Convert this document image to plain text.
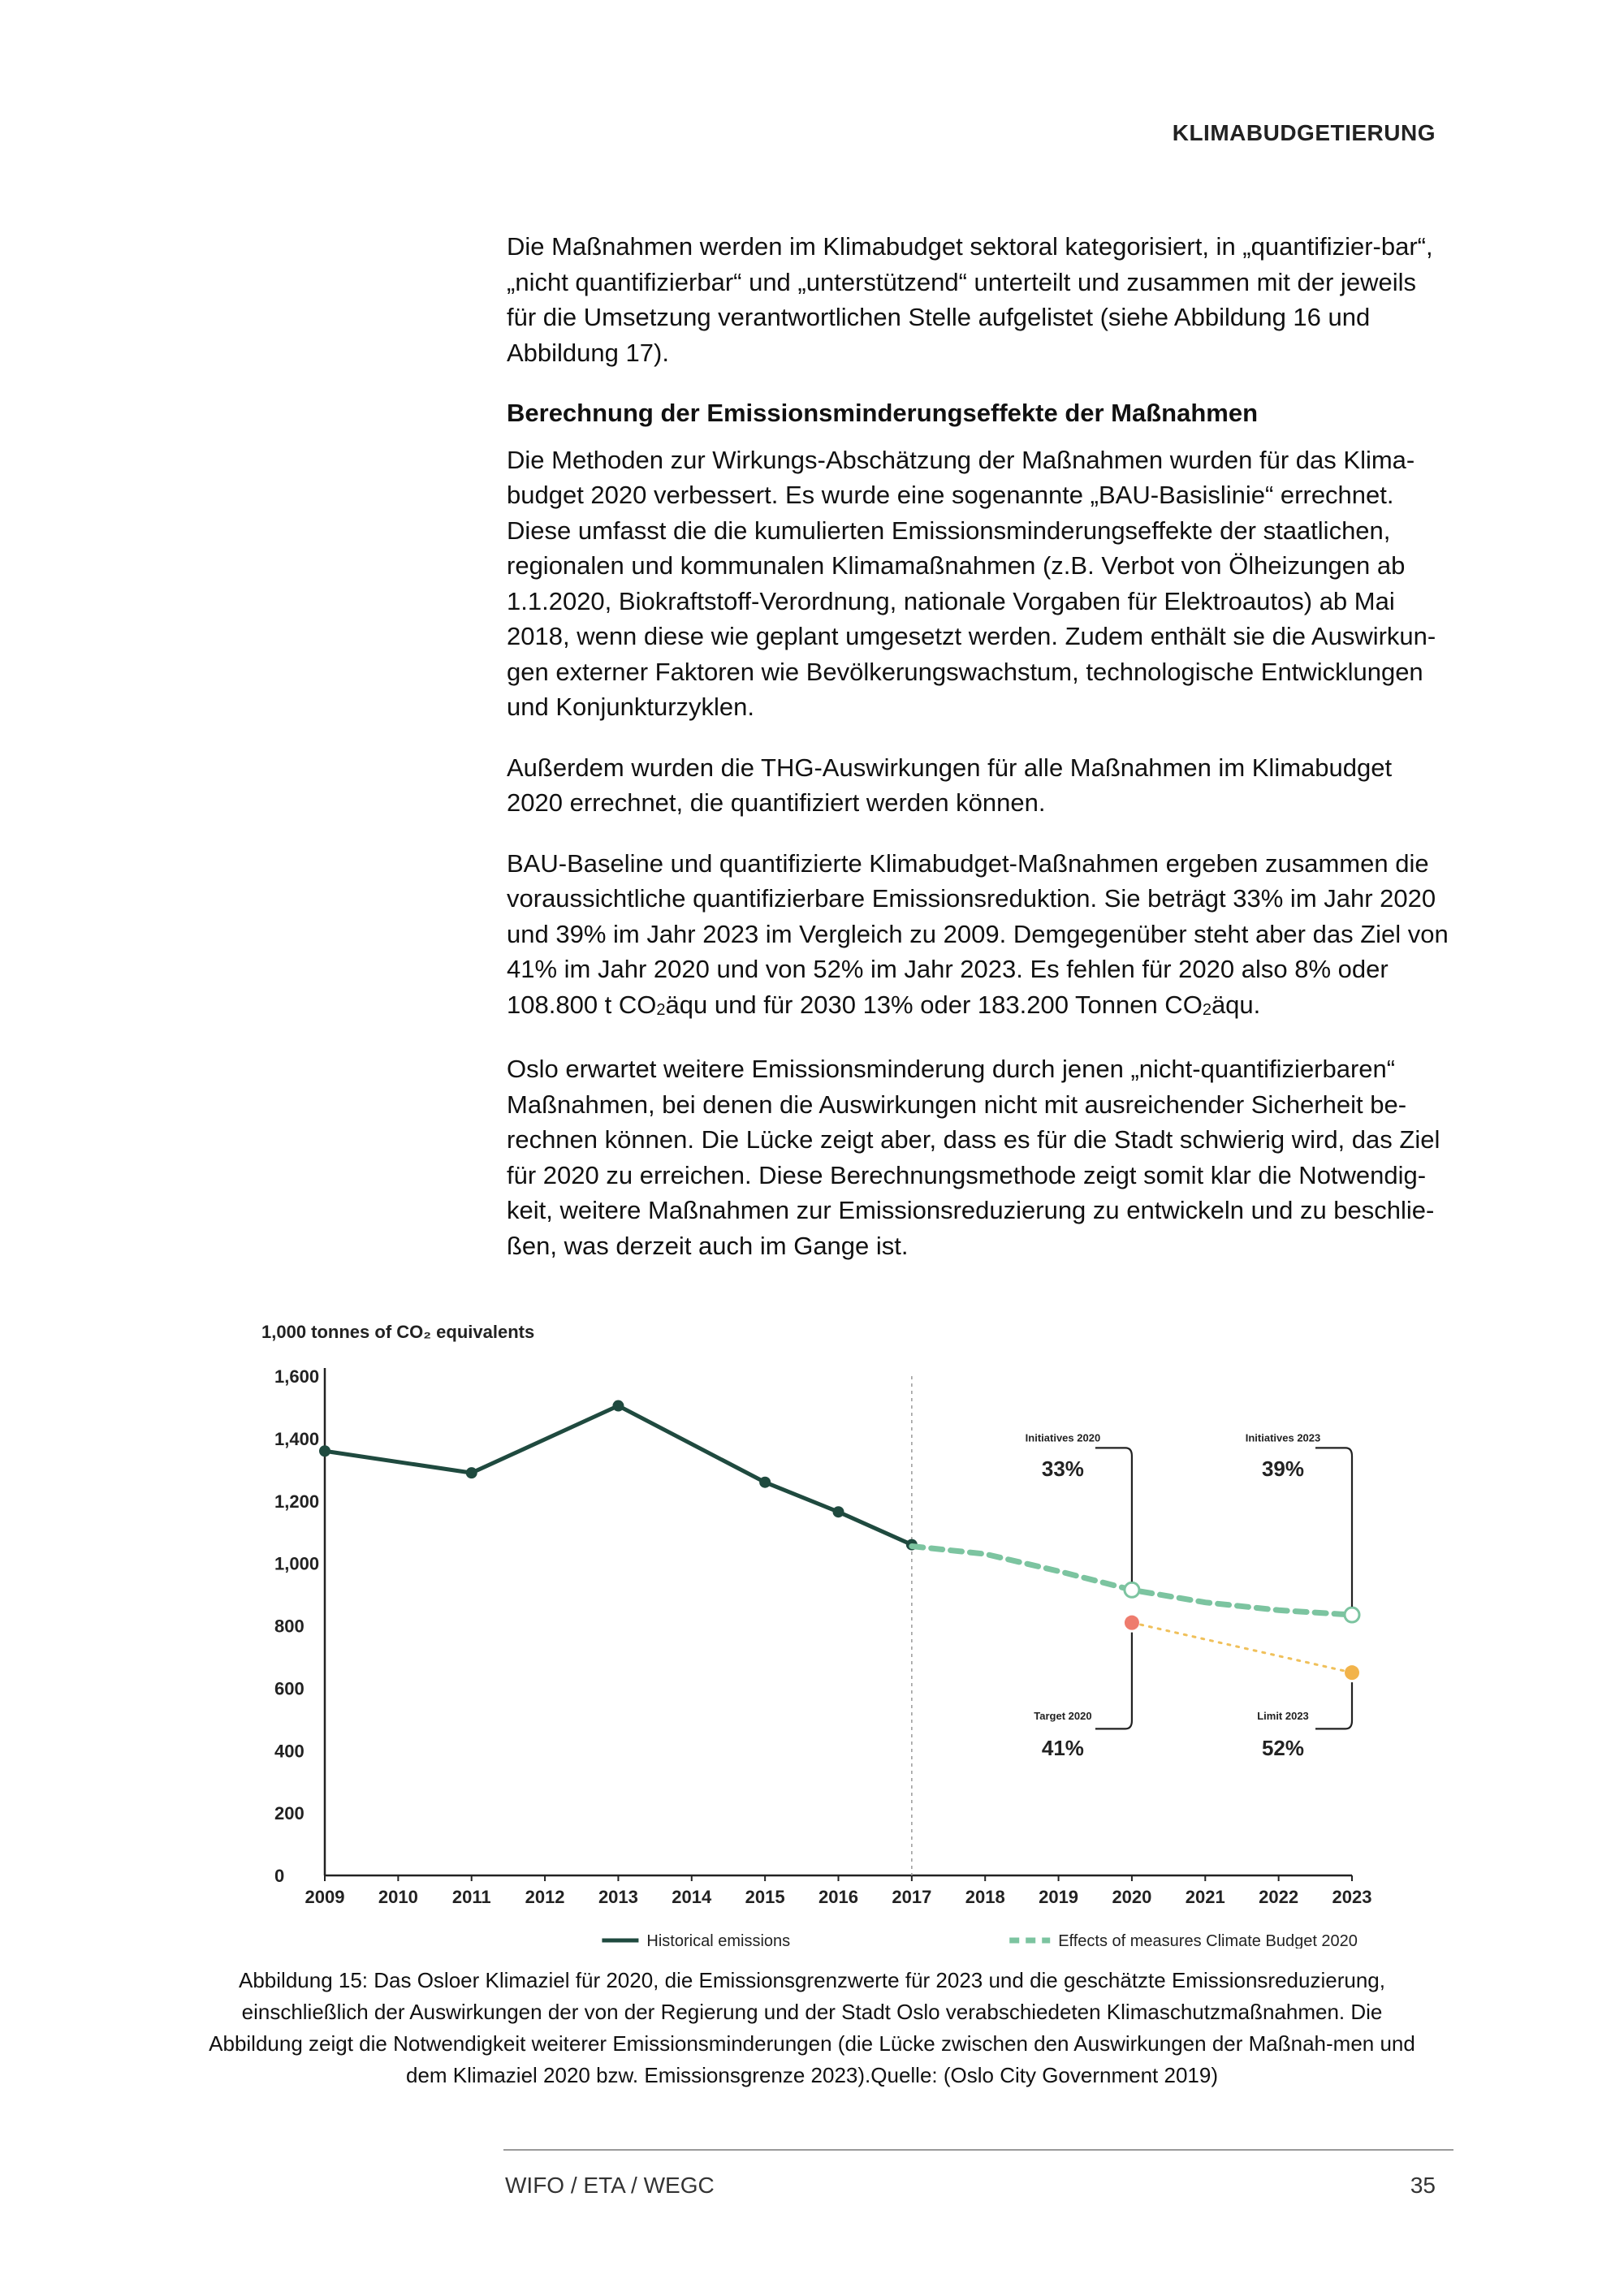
KLIMABUDGETIERUNG

Die Maßnahmen werden im Klimabudget sektoral kategorisiert, in „quantifizier-bar“, „nicht quantifizierbar“ und „unterstützend“ unterteilt und zusammen mit der jeweils für die Umsetzung verantwortlichen Stelle aufgelistet (siehe Abbildung 16 und Abbildung 17).

Berechnung der Emissionsminderungseffekte der Maßnahmen

Die Methoden zur Wirkungs-Abschätzung der Maßnahmen wurden für das Klima-budget 2020 verbessert. Es wurde eine sogenannte „BAU-Basislinie“ errechnet. Diese umfasst die die kumulierten Emissionsminderungseffekte der staatlichen, regionalen und kommunalen Klimamaßnahmen (z.B. Verbot von Ölheizungen ab 1.1.2020, Biokraftstoff-Verordnung, nationale Vorgaben für Elektroautos) ab Mai 2018, wenn diese wie geplant umgesetzt werden. Zudem enthält sie die Auswirkun-gen externer Faktoren wie Bevölkerungswachstum, technologische Entwicklungen und Konjunkturzyklen.

Außerdem wurden die THG-Auswirkungen für alle Maßnahmen im Klimabudget 2020 errechnet, die quantifiziert werden können.

BAU-Baseline und quantifizierte Klimabudget-Maßnahmen ergeben zusammen die voraussichtliche quantifizierbare Emissionsreduktion. Sie beträgt 33% im Jahr 2020 und 39% im Jahr 2023 im Vergleich zu 2009. Demgegenüber steht aber das Ziel von 41% im Jahr 2020 und von 52% im Jahr 2023. Es fehlen für 2020 also 8% oder 108.800 t $CO_2äqu$ und für 2030 13% oder 183.200 Tonnen $CO_2äqu$.

Oslo erwartet weitere Emissionsminderung durch jenen „nicht-quantifizierbaren“ Maßnahmen, bei denen die Auswirkungen nicht mit ausreichender Sicherheit be-rechnen können. Die Lücke zeigt aber, dass es für die Stadt schwierig wird, das Ziel für 2020 zu erreichen. Diese Berechnungsmethode zeigt somit klar die Notwendig-keit, weitere Maßnahmen zur Emissionsreduzierung zu entwickeln und zu beschlie-ßen, was derzeit auch im Gange ist.

1,000 tonnes of CO₂ equivalents
0
200
400
600
800
1,000
1,200
1,400
1,600
2009 2010 2011 2012 2013 2014 2015 2016 2017 2018 2019 2020 2021 2022 2023
Initiatives 2020
33%
Initiatives 2023
39%
Target 2020
41%
Limit 2023
52%
Historical emissions	Effects of measures Climate Budget 2020
Abbildung 15: Das Osloer Klimaziel für 2020, die Emissionsgrenzwerte für 2023 und die geschätzte Emissionsreduzierung, einschließlich der Auswirkungen der von der Regierung und der Stadt Oslo verabschiedeten Klimaschutzmaßnahmen. Die Abbildung zeigt die Notwendigkeit weiterer Emissionsminderungen (die Lücke zwischen den Auswirkungen der Maßnah-men und dem Klimaziel 2020 bzw. Emissionsgrenze 2023).Quelle: (Oslo City Government 2019)
WIFO / ETA / WEGC	35
